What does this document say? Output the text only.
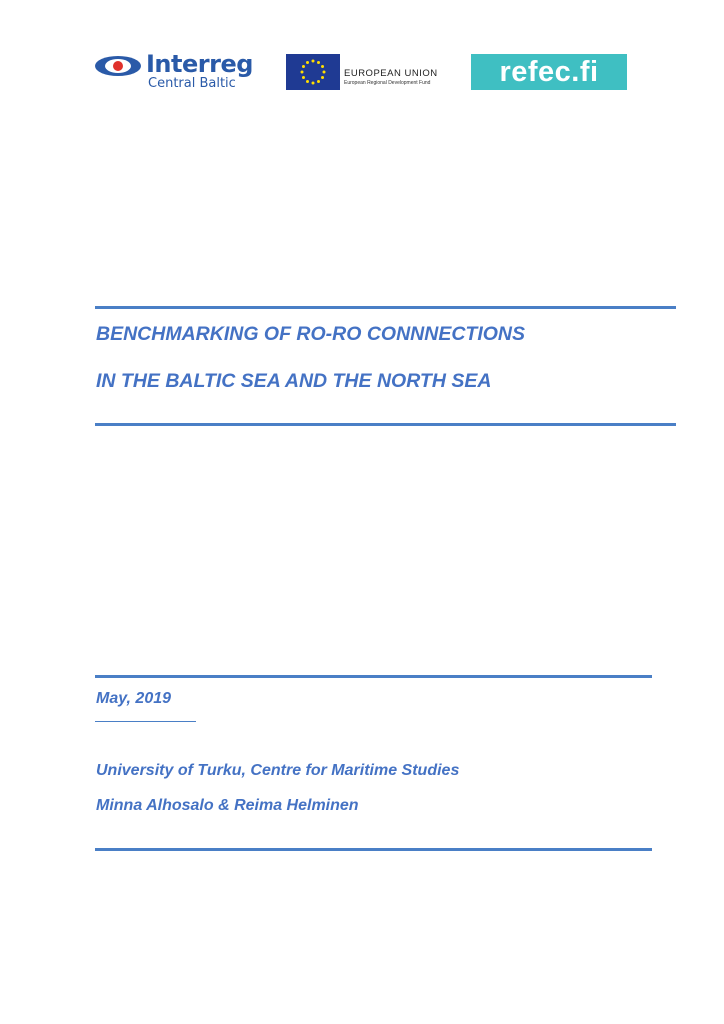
Interreg
Central Baltic
EUROPEAN UNION
European Regional Development Fund	refec.fi
BENCHMARKING OF RO-RO CONNNECTIONS
IN THE BALTIC SEA AND THE NORTH SEA
May, 2019
University of Turku, Centre for Maritime Studies
Minna Alhosalo & Reima Helminen
